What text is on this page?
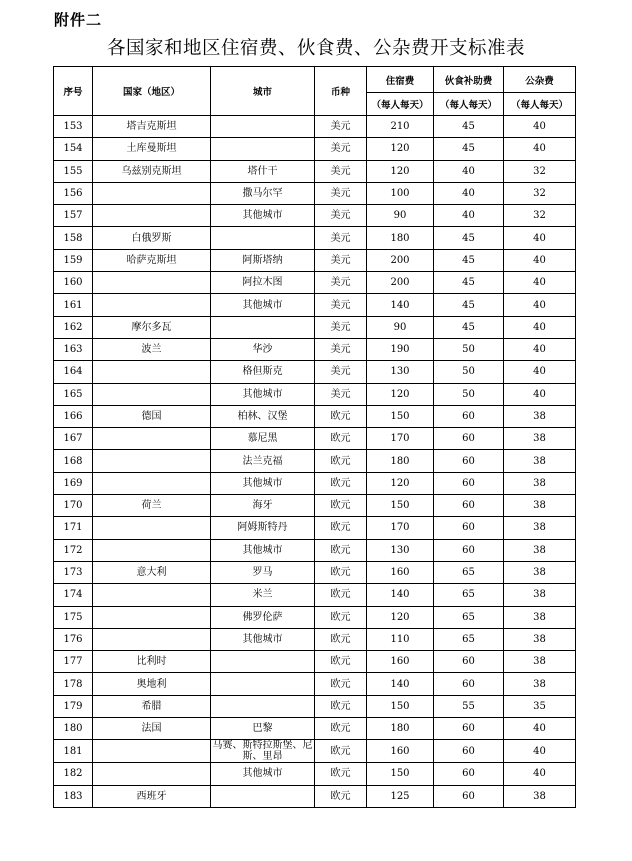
附件二
各国家和地区住宿费、伙食费、公杂费开支标准表
序号	国家（地区）	城市	币种	住宿费	伙食补助费	公杂费
				（每人每天）	（每人每天）	（每人每天）
153	塔吉克斯坦		美元	210	45	40
154	土库曼斯坦		美元	120	45	40
155	乌兹别克斯坦	塔什干	美元	120	40	32
156		撒马尔罕	美元	100	40	32
157		其他城市	美元	90	40	32
158	白俄罗斯		美元	180	45	40
159	哈萨克斯坦	阿斯塔纳	美元	200	45	40
160		阿拉木图	美元	200	45	40
161		其他城市	美元	140	45	40
162	摩尔多瓦		美元	90	45	40
163	波兰	华沙	美元	190	50	40
164		格但斯克	美元	130	50	40
165		其他城市	美元	120	50	40
166	德国	柏林、汉堡	欧元	150	60	38
167		慕尼黑	欧元	170	60	38
168		法兰克福	欧元	180	60	38
169		其他城市	欧元	120	60	38
170	荷兰	海牙	欧元	150	60	38
171		阿姆斯特丹	欧元	170	60	38
172		其他城市	欧元	130	60	38
173	意大利	罗马	欧元	160	65	38
174		米兰	欧元	140	65	38
175		佛罗伦萨	欧元	120	65	38
176		其他城市	欧元	110	65	38
177	比利时		欧元	160	60	38
178	奥地利		欧元	140	60	38
179	希腊		欧元	150	55	35
180	法国	巴黎	欧元	180	60	40
181		马赛、斯特拉斯堡、尼斯、里昂	欧元	160	60	40
182		其他城市	欧元	150	60	40
183	西班牙		欧元	125	60	38
